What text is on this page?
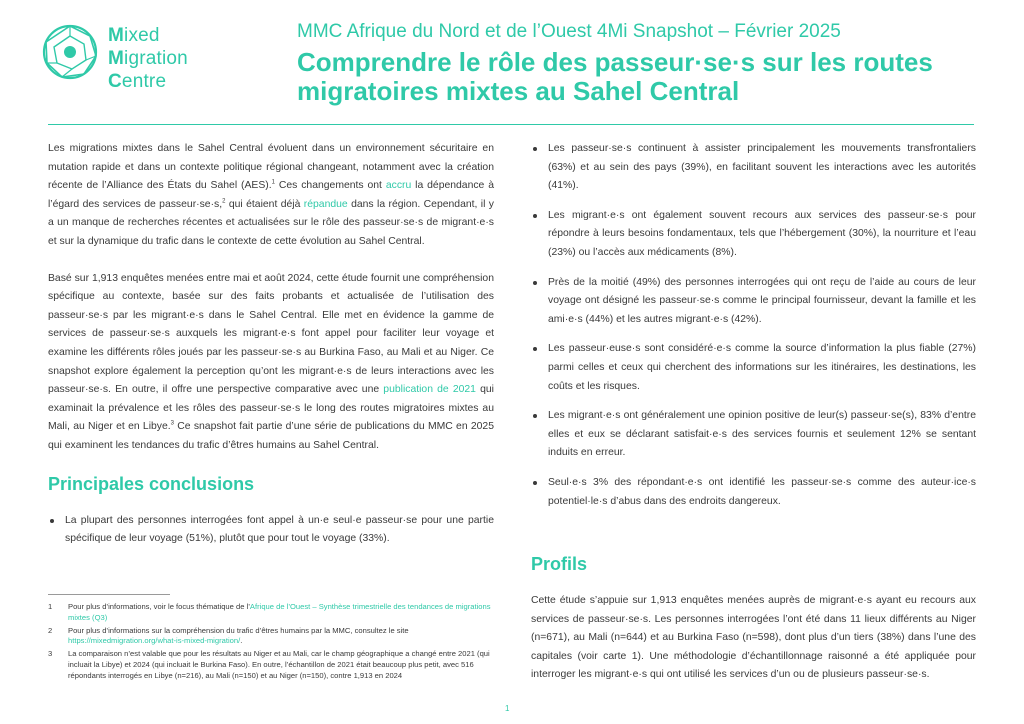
Mixed
Migration
Centre
MMC Afrique du Nord et de l’Ouest 4Mi Snapshot – Février 2025
Comprendre le rôle des passeur·se·s sur les routes migratoires mixtes au Sahel Central

Les migrations mixtes dans le Sahel Central évoluent dans un environnement sécuritaire en mutation rapide et dans un contexte politique régional changeant, notamment avec la création récente de l’Alliance des États du Sahel (AES).$^1$ Ces changements ont accru la dépendance à l’égard des services de passeur·se·s,$^2$ qui étaient déjà répandue dans la région. Cependant, il y a un manque de recherches récentes et actualisées sur le rôle des passeur·se·s de migrant·e·s et sur la dynamique du trafic dans le contexte de cette évolution au Sahel Central.

Basé sur 1,913 enquêtes menées entre mai et août 2024, cette étude fournit une compréhension spécifique au contexte, basée sur des faits probants et actualisée de l’utilisation des passeur·se·s par les migrant·e·s dans le Sahel Central. Elle met en évidence la gamme de services de passeur·se·s auxquels les migrant·e·s font appel pour faciliter leur voyage et examine les différents rôles joués par les passeur·se·s au Burkina Faso, au Mali et au Niger. Ce snapshot explore également la perception qu’ont les migrant·e·s de leurs interactions avec les passeur·se·s. En outre, il offre une perspective comparative avec une publication de 2021 qui examinait la prévalence et les rôles des passeur·se·s le long des routes migratoires mixtes au Mali, au Niger et en Libye.$^3$ Ce snapshot fait partie d’une série de publications du MMC en 2025 qui examinent les tendances du trafic d’êtres humains au Sahel Central.

Principales conclusions
La plupart des personnes interrogées font appel à un·e seul·e passeur·se pour une partie spécifique de leur voyage (51%), plutôt que pour tout le voyage (33%).
Les passeur·se·s continuent à assister principalement les mouvements transfrontaliers (63%) et au sein des pays (39%), en facilitant souvent les interactions avec les autorités (41%).
Les migrant·e·s ont également souvent recours aux services des passeur·se·s pour répondre à leurs besoins fondamentaux, tels que l’hébergement (30%), la nourriture et l’eau (23%) ou l’accès aux médicaments (8%).
Près de la moitié (49%) des personnes interrogées qui ont reçu de l’aide au cours de leur voyage ont désigné les passeur·se·s comme le principal fournisseur, devant la famille et les ami·e·s (44%) et les autres migrant·e·s (42%).
Les passeur·euse·s sont considéré·e·s comme la source d’information la plus fiable (27%) parmi celles et ceux qui cherchent des informations sur les itinéraires, les destinations, les coûts et les risques.
Les migrant·e·s ont généralement une opinion positive de leur(s) passeur·se(s), 83% d’entre elles et eux se déclarant satisfait·e·s des services fournis et seulement 12% se sentant induits en erreur.
Seul·e·s 3% des répondant·e·s ont identifié les passeur·se·s comme des auteur·ice·s potentiel·le·s d’abus dans des endroits dangereux.
Profils

Cette étude s’appuie sur 1,913 enquêtes menées auprès de migrant·e·s ayant eu recours aux services de passeur·se·s. Les personnes interrogées l’ont été dans 11 lieux différents au Niger (n=671), au Mali (n=644) et au Burkina Faso (n=598), dont plus d’un tiers (38%) dans l’une des capitales (voir carte 1). Une méthodologie d’échantillonnage raisonné a été appliquée pour interroger les migrant·e·s qui ont utilisé les services d’un ou de plusieurs passeur·se·s.

1 Pour plus d’informations, voir le focus thématique de l’Afrique de l’Ouest – Synthèse trimestrielle des tendances de migrations mixtes (Q3)
2 Pour plus d’informations sur la compréhension du trafic d’êtres humains par la MMC, consultez le site https://mixedmigration.org/what-is-mixed-migration/.
3 La comparaison n’est valable que pour les résultats au Niger et au Mali, car le champ géographique a changé entre 2021 (qui incluait la Libye) et 2024 (qui incluait le Burkina Faso). En outre, l’échantillon de 2021 était beaucoup plus petit, avec 516 répondants interrogés en Libye (n=216), au Mali (n=150) et au Niger (n=150), contre 1,913 en 2024
1
